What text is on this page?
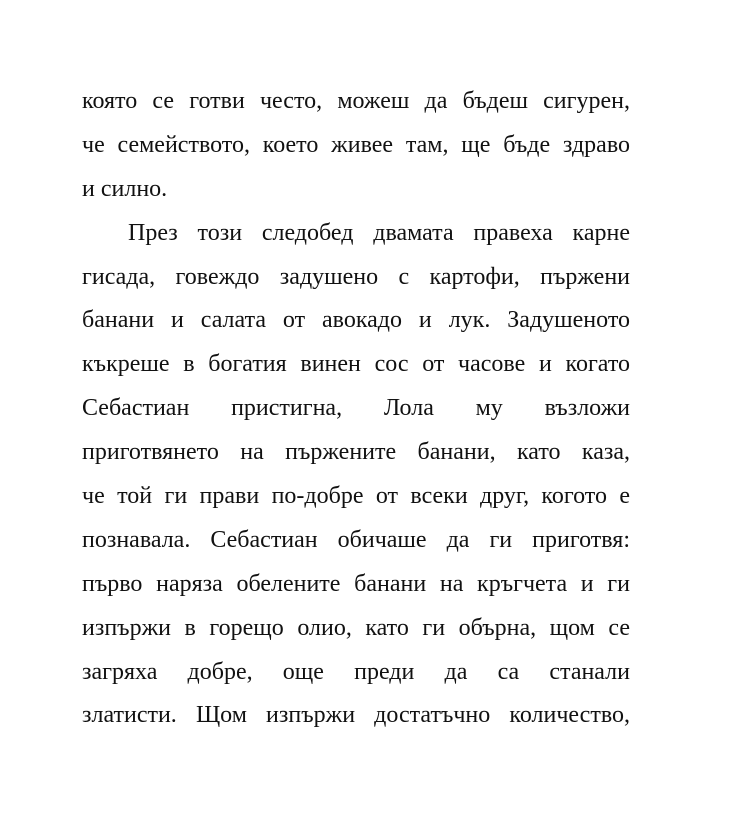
която се готви често, можеш да бъдеш сигурен,
че семейството, което живее там, ще бъде здраво
и силно.
През този следобед двамата правеха карне
гисада, говеждо задушено с картофи, пържени
банани и салата от авокадо и лук. Задушеното
къкреше в богатия винен сос от часове и когато
Себастиан пристигна, Лола му възложи
приготвянето на пържените банани, като каза,
че той ги прави по-добре от всеки друг, когото е
познавала. Себастиан обичаше да ги приготвя:
първо наряза обелените банани на кръгчета и ги
изпържи в горещо олио, като ги обърна, щом се
загряха добре, още преди да са станали
златисти. Щом изпържи достатъчно количество,
